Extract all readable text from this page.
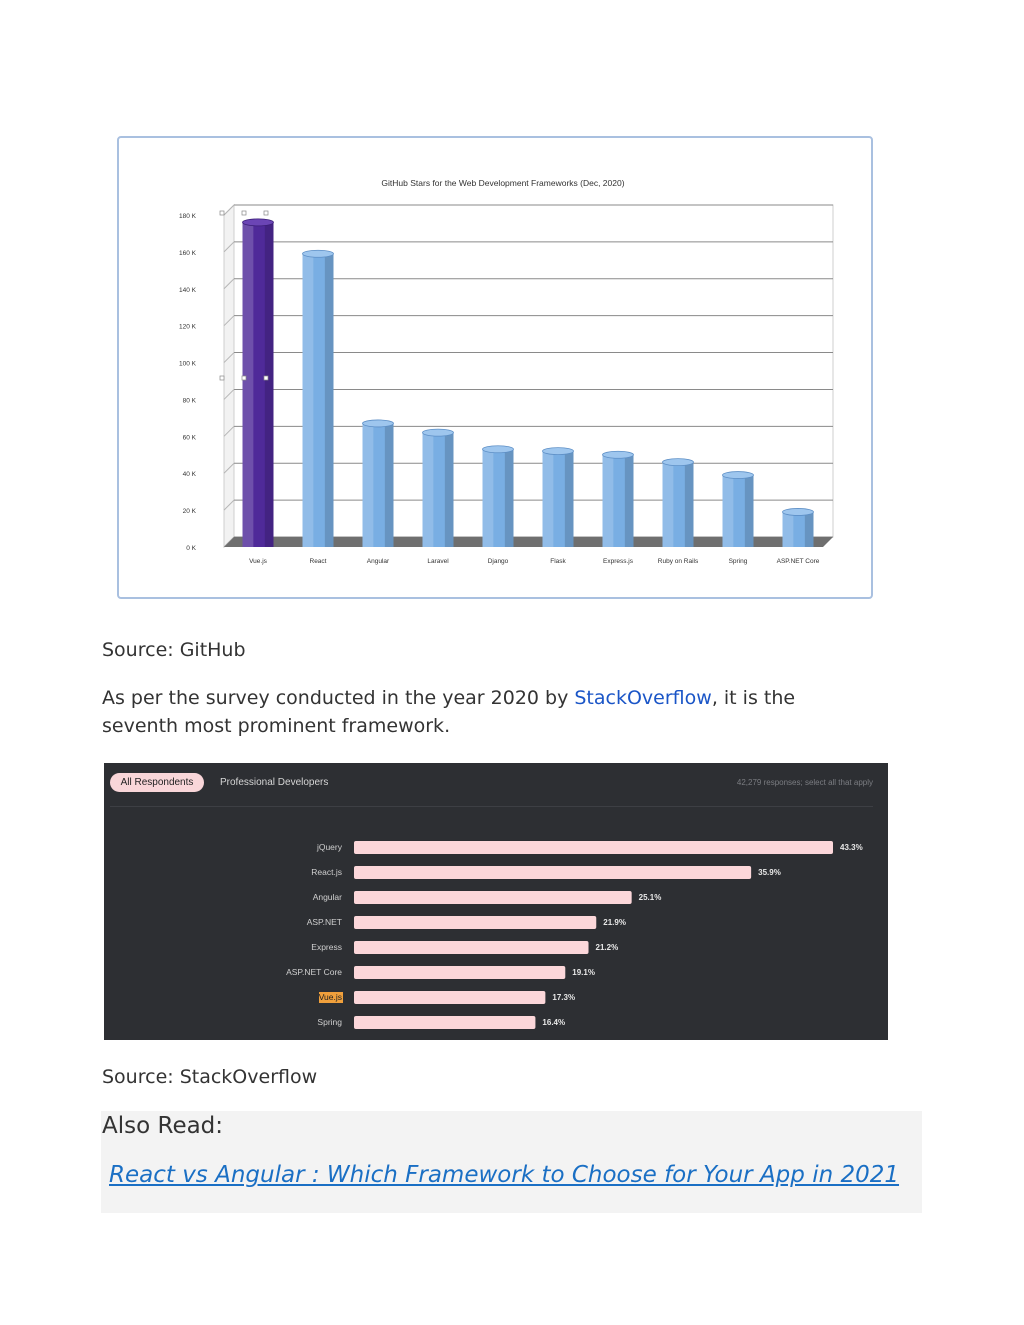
GitHub Stars for the Web Development Frameworks (Dec, 2020)
0 K
20 K
40 K
60 K
80 K
100 K
120 K
140 K
160 K
180 K
Vue.js	React	Angular	Laravel	Django	Flask	Express.js	Ruby on Rails	Spring	ASP.NET Core

Source: GitHub

As per the survey conducted in the year 2020 by StackOverflow, it is the
seventh most prominent framework.

All Respondents	Professional Developers	42,279 responses; select all that apply
jQuery	43.3%
React.js	35.9%
Angular	25.1%
ASP.NET	21.9%
Express	21.2%
ASP.NET Core	19.1%
Vue.js	17.3%
Spring	16.4%

Source: StackOverflow

Also Read:
React vs Angular : Which Framework to Choose for Your App in 2021
